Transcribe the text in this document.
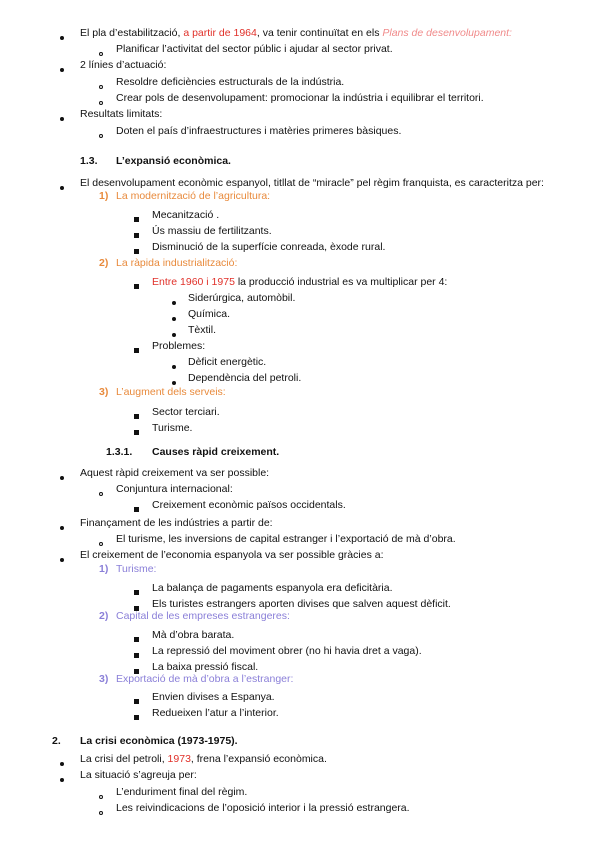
El pla d’estabilització, a partir de 1964, va tenir continuïtat en els Plans de desenvolupament:
Planificar l’activitat del sector públic i ajudar al sector privat.
2 línies d’actuació:
Resoldre deficiències estructurals de la indústria.
Crear pols de desenvolupament: promocionar la indústria i equilibrar el territori.
Resultats limitats:
Doten el país d’infraestructures i matèries primeres bàsiques.
1.3. L’expansió econòmica.
El desenvolupament econòmic espanyol, titllat de “miracle” pel règim franquista, es caracteritza per:
1) La modernització de l’agricultura:
Mecanització .
Ús massiu de fertilitzants.
Disminució de la superfície conreada, èxode rural.
2) La ràpida industrialització:
Entre 1960 i 1975 la producció industrial es va multiplicar per 4:
Siderúrgica, automòbil.
Química.
Tèxtil.
Problemes:
Dèficit energètic.
Dependència del petroli.
3) L’augment dels serveis:
Sector terciari.
Turisme.
1.3.1. Causes ràpid creixement.
Aquest ràpid creixement va ser possible:
Conjuntura internacional:
Creixement econòmic països occidentals.
Finançament de les indústries a partir de:
El turisme, les inversions de capital estranger i l’exportació de mà d’obra.
El creixement de l’economia espanyola va ser possible gràcies a:
1) Turisme:
La balança de pagaments espanyola era deficitària.
Els turistes estrangers aporten divises que salven aquest dèficit.
2) Capital de les empreses estrangeres:
Mà d’obra barata.
La repressió del moviment obrer (no hi havia dret a vaga).
La baixa pressió fiscal.
3) Exportació de mà d’obra a l’estranger:
Envien divises a Espanya.
Redueixen l’atur a l’interior.
2. La crisi econòmica (1973-1975).
La crisi del petroli, 1973, frena l’expansió econòmica.
La situació s’agreuja per:
L’enduriment final del règim.
Les reivindicacions de l’oposició interior i la pressió estrangera.
